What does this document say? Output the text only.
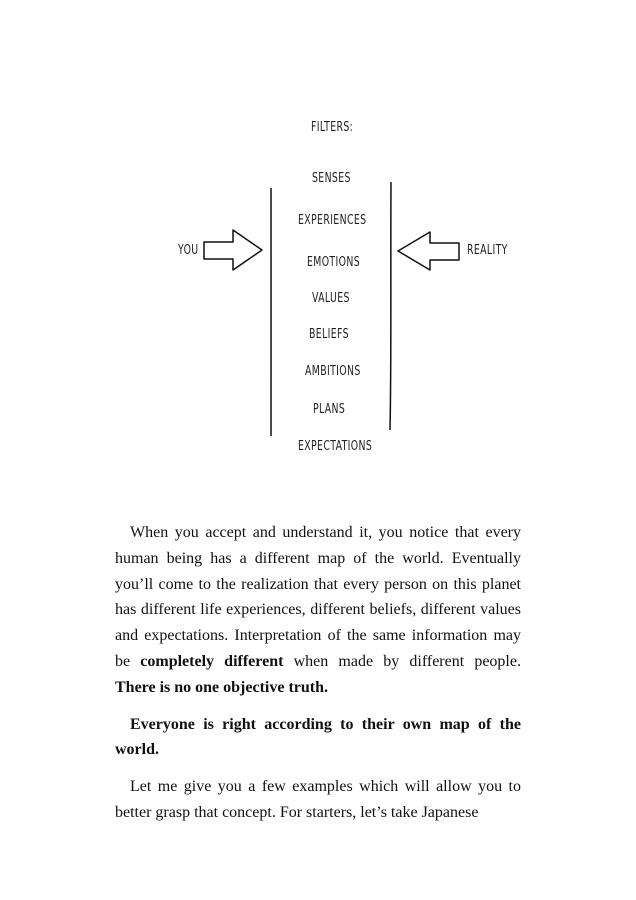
FILTERS:
YOU	REALITY
SENSES
EXPERIENCES
EMOTIONS
VALUES
BELIEFS
AMBITIONS
PLANS
EXPECTATIONS

When you accept and understand it, you notice that every human being has a different map of the world. Eventually you’ll come to the realization that every person on this planet has different life experiences, different beliefs, different values and expectations. Interpretation of the same information may be completely different when made by different people. There is no one objective truth.

Everyone is right according to their own map of the world.

Let me give you a few examples which will allow you to better grasp that concept. For starters, let’s take Japanese
